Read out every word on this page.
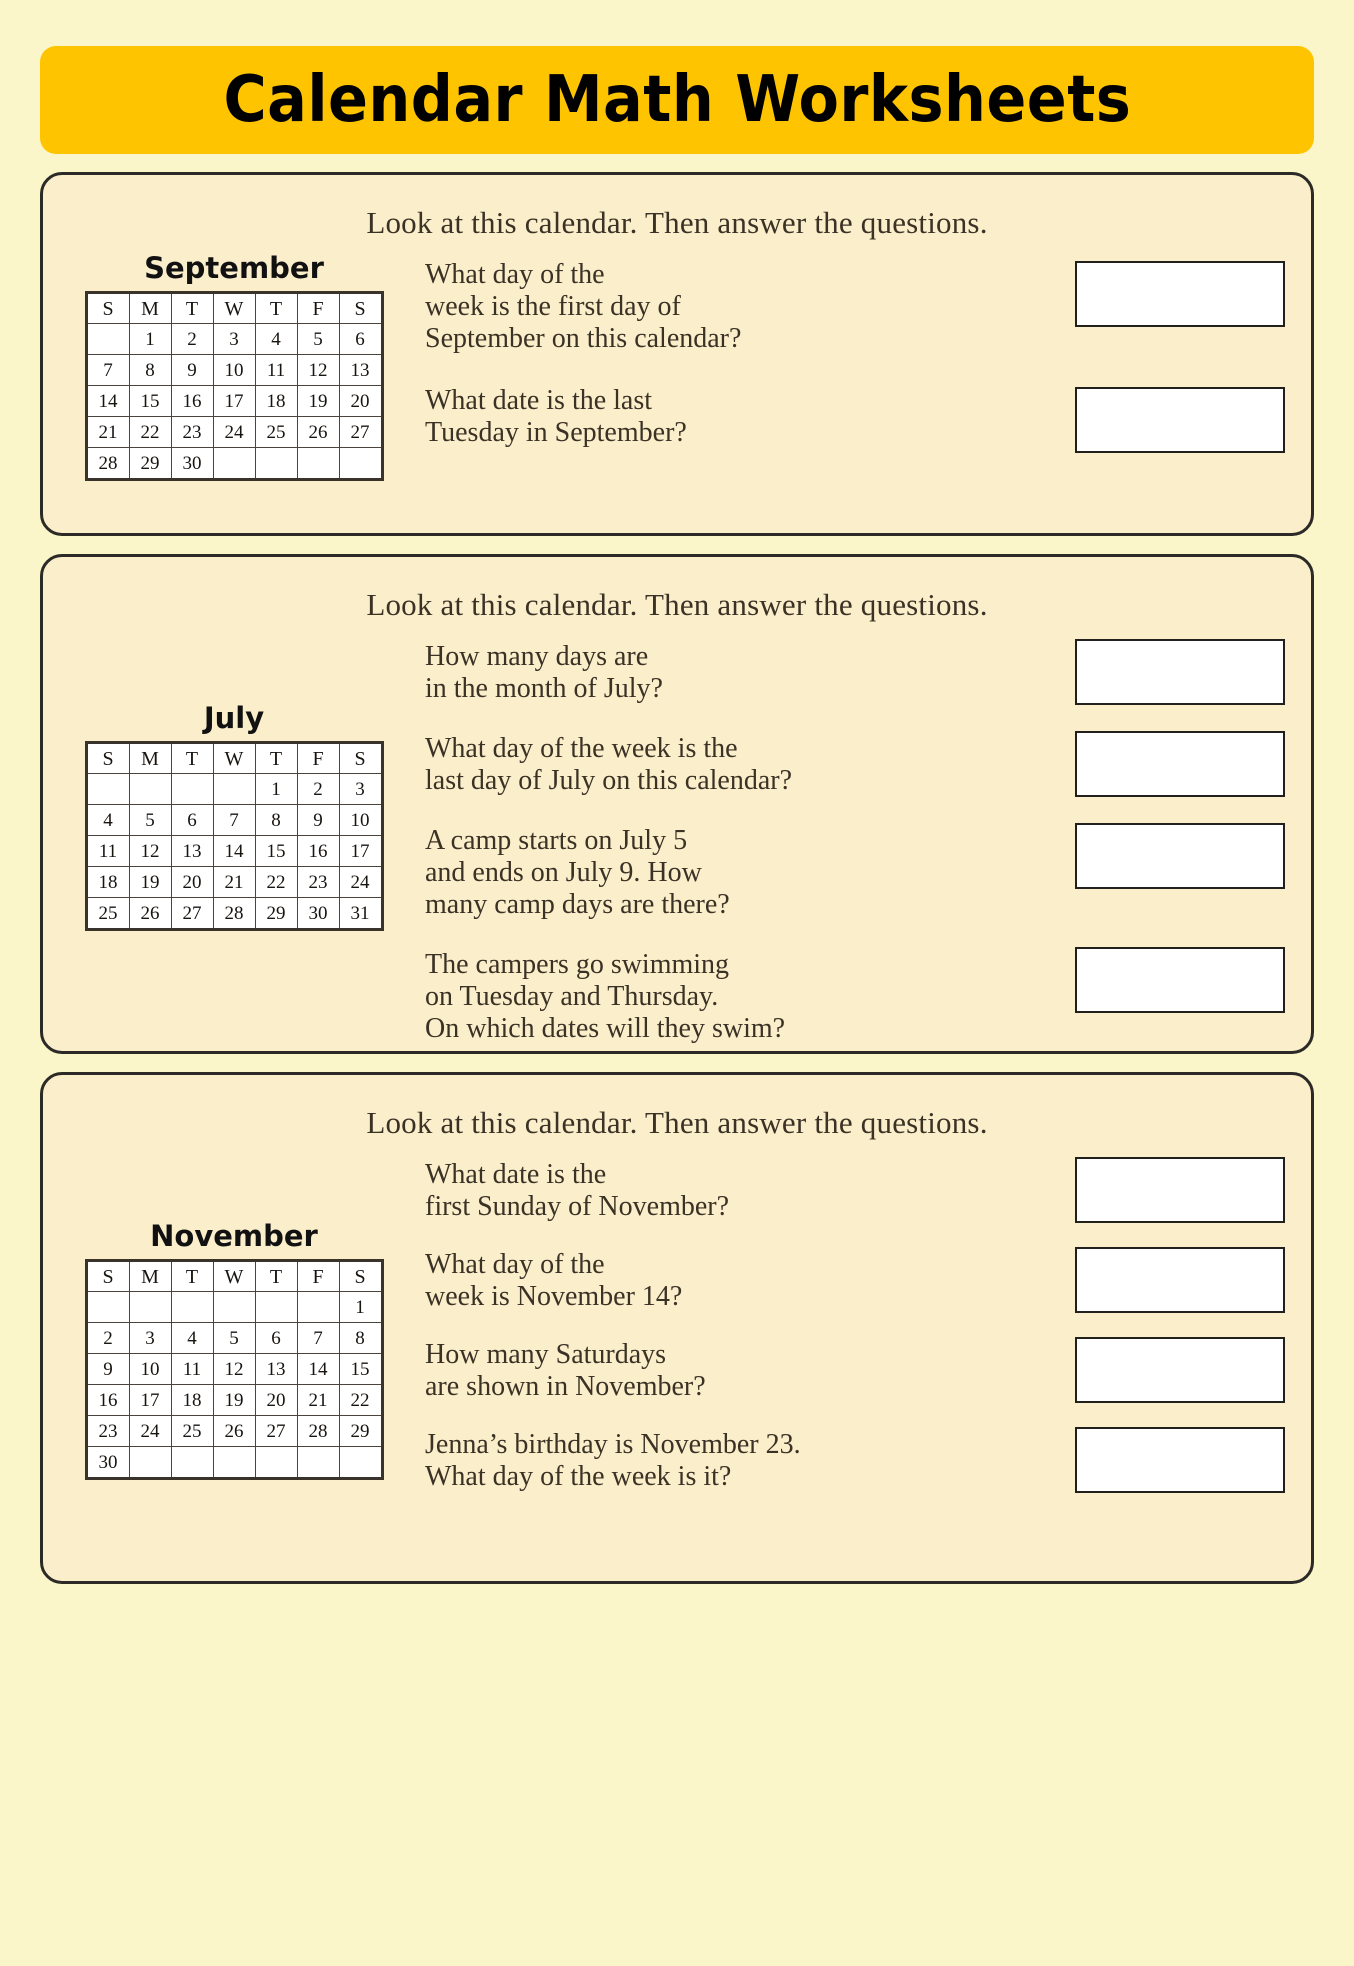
Calendar Math Worksheets
Look at this calendar. Then answer the questions.
September
S	M	T	W	T	F	S
	1	2	3	4	5	6
7	8	9	10	11	12	13
14	15	16	17	18	19	20
21	22	23	24	25	26	27
28	29	30				
What day of the
week is the first day of
September on this calendar?
What date is the last
Tuesday in September?
Look at this calendar. Then answer the questions.
July
S	M	T	W	T	F	S
				1	2	3
4	5	6	7	8	9	10
11	12	13	14	15	16	17
18	19	20	21	22	23	24
25	26	27	28	29	30	31
How many days are
in the month of July?
What day of the week is the
last day of July on this calendar?
A camp starts on July 5
and ends on July 9. How
many camp days are there?
The campers go swimming
on Tuesday and Thursday.
On which dates will they swim?
Look at this calendar. Then answer the questions.
November
S	M	T	W	T	F	S
						1
2	3	4	5	6	7	8
9	10	11	12	13	14	15
16	17	18	19	20	21	22
23	24	25	26	27	28	29
30						
What date is the
first Sunday of November?
What day of the
week is November 14?
How many Saturdays
are shown in November?
Jenna’s birthday is November 23.
What day of the week is it?
